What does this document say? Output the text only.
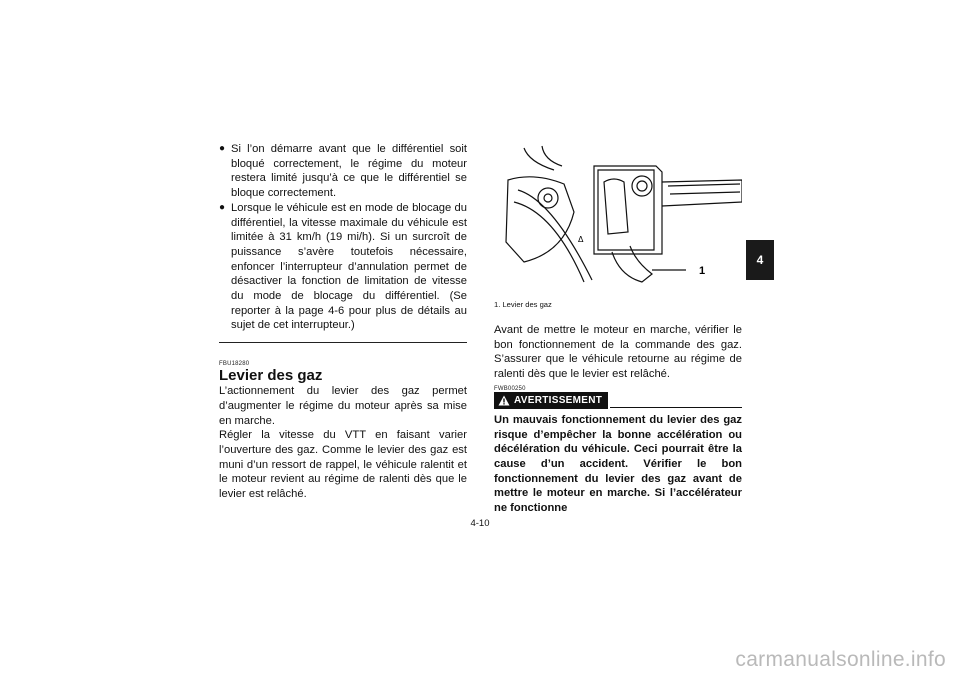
● Si l’on démarre avant que le différentiel soit bloqué correctement, le régime du moteur restera limité jusqu’à ce que le différentiel se bloque correctement.
● Lorsque le véhicule est en mode de blocage du différentiel, la vitesse maximale du véhicule est limitée à 31 km/h (19 mi/h). Si un surcroît de puissance s’avère toutefois nécessaire, enfoncer l’interrupteur d’annulation permet de désactiver la fonction de limitation de vitesse du mode de blocage du différentiel. (Se reporter à la page 4-6 pour plus de détails au sujet de cet interrupteur.)
FBU18280
Levier des gaz

L’actionnement du levier des gaz permet d’augmenter le régime du moteur après sa mise en marche.

Régler la vitesse du VTT en faisant varier l’ouverture des gaz. Comme le levier des gaz est muni d’un ressort de rappel, le véhicule ralentit et le moteur revient au régime de ralenti dès que le levier est relâché.

Δ
1
1. Levier des gaz

Avant de mettre le moteur en marche, vérifier le bon fonctionnement de la commande des gaz. S’assurer que le véhicule retourne au régime de ralenti dès que le levier est relâché.

FWB00250
AVERTISSEMENT

Un mauvais fonctionnement du levier des gaz risque d’empêcher la bonne accélération ou décélération du véhicule. Ceci pourrait être la cause d’un accident. Vérifier le bon fonctionnement du levier des gaz avant de mettre le moteur en marche. Si l’accélérateur ne fonctionne

4
4-10
carmanualsonline.info
